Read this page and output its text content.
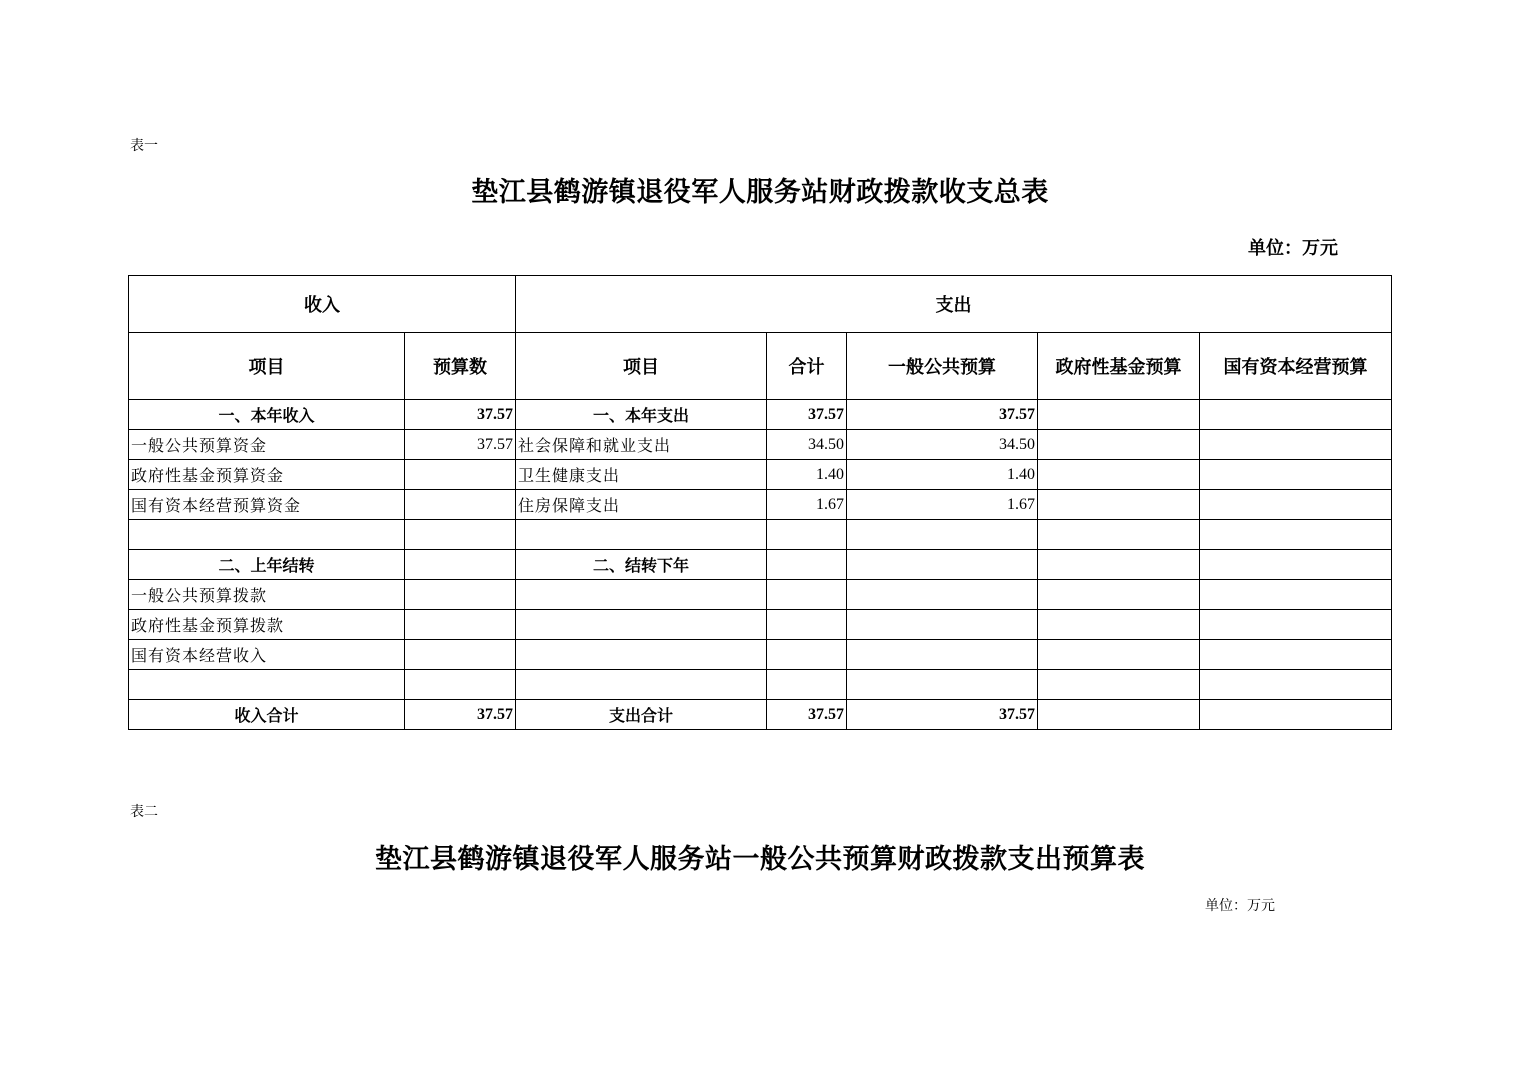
表一
垫江县鹤游镇退役军人服务站财政拨款收支总表
单位：万元
收入		支出				
项目	预算数	项目	合计	一般公共预算	政府性基金预算	国有资本经营预算
一、本年收入	37.57	一、本年支出	37.57	37.57		
一般公共预算资金	37.57	社会保障和就业支出	34.50	34.50		
政府性基金预算资金		卫生健康支出	1.40	1.40		
国有资本经营预算资金		住房保障支出	1.67	1.67		

二、上年结转		二、结转下年				
一般公共预算拨款						
政府性基金预算拨款						
国有资本经营收入						

收入合计	37.57	支出合计	37.57	37.57		
表二
垫江县鹤游镇退役军人服务站一般公共预算财政拨款支出预算表
单位：万元
